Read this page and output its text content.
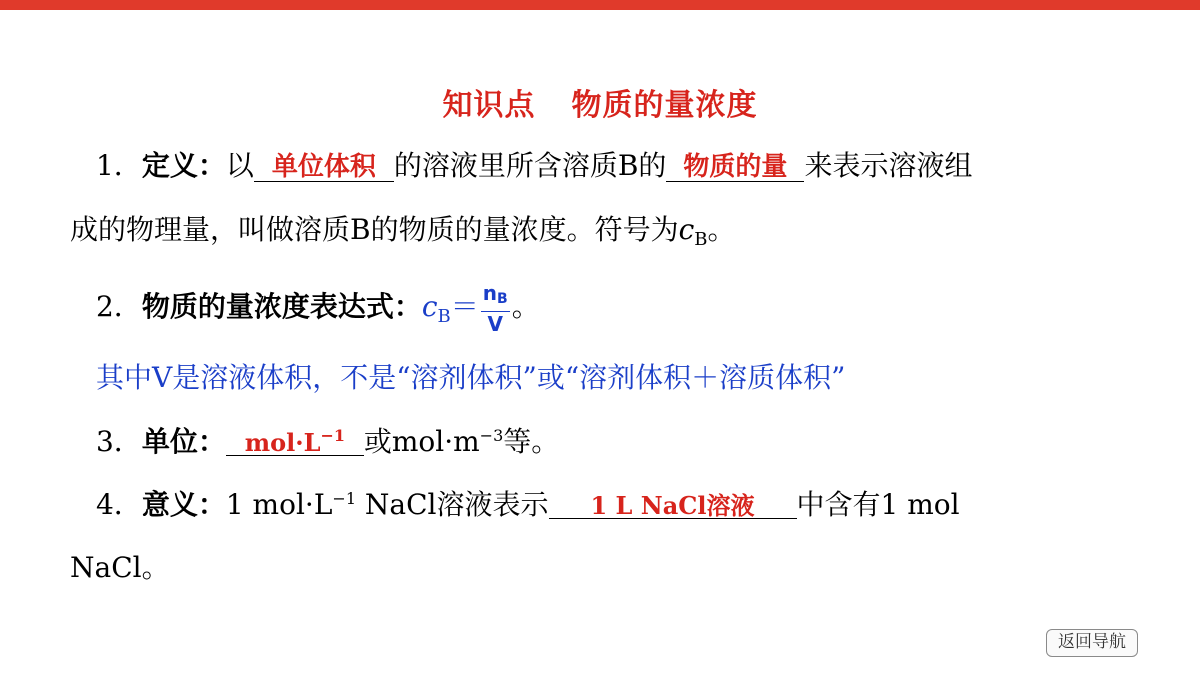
知识点 物质的量浓度
1．定义：以 单位体积 的溶液里所含溶质B的 物质的量 来表示溶液组
成的物理量，叫做溶质B的物质的量浓度。符号为$c_B$。
2．物质的量浓度表达式：$c_B= \frac{n_B}{V}$ 。
其中V是溶液体积，不是“溶剂体积”或“溶剂体积＋溶质体积”
3．单位： $mol\cdot L^{-1}$ 或$mol\cdot m^{-3}$等。
4．意义：1 $mol\cdot L^{-1}$ NaCl溶液表示 1 L NaCl溶液 中含有1 mol
NaCl。
返回导航
